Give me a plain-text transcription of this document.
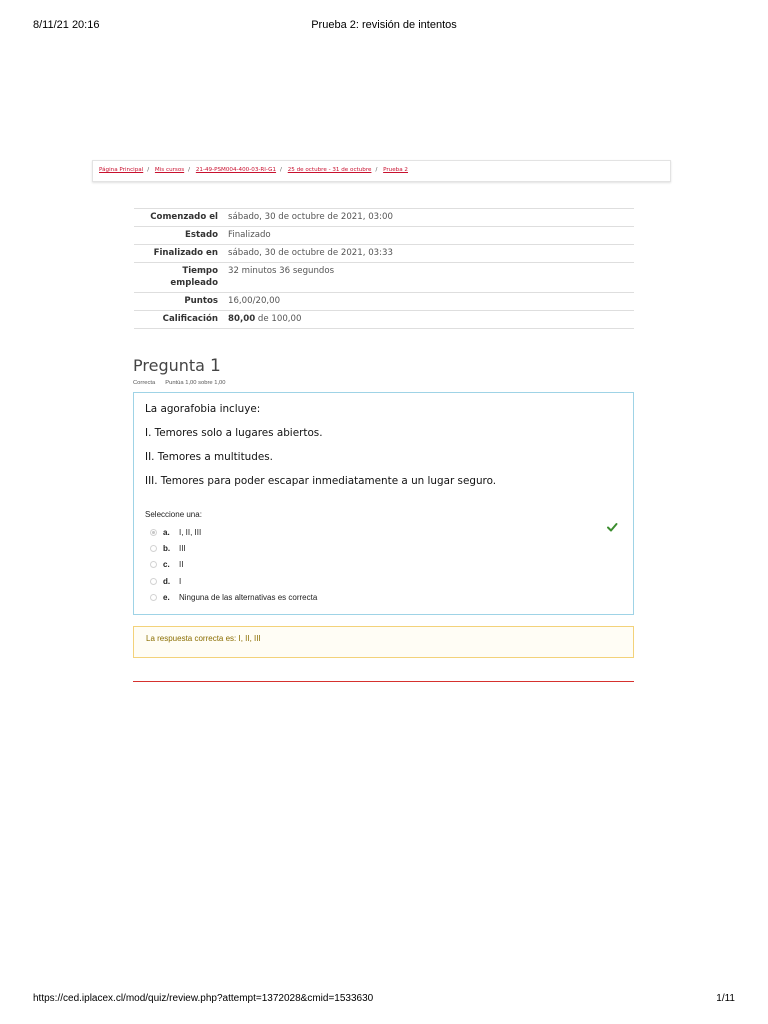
8/11/21 20:16	Prueba 2: revisión de intentos
Página Principal / Mis cursos / 21-49-PSM004-400-03-RI-G1 / 25 de octubre - 31 de octubre / Prueba 2
Comenzado el	sábado, 30 de octubre de 2021, 03:00
Estado	Finalizado
Finalizado en	sábado, 30 de octubre de 2021, 03:33
Tiempo empleado	32 minutos 36 segundos
Puntos	16,00/20,00
Calificación	80,00 de 100,00
Pregunta 1
Correcta Puntúa 1,00 sobre 1,00
La agorafobia incluye:
I. Temores solo a lugares abiertos.
II. Temores a multitudes.
III. Temores para poder escapar inmediatamente a un lugar seguro.
Seleccione una:
a. I, II, III
b. III
c. II
d. I
e. Ninguna de las alternativas es correcta
La respuesta correcta es: I, II, III
https://ced.iplacex.cl/mod/quiz/review.php?attempt=1372028&cmid=1533630	1/11
